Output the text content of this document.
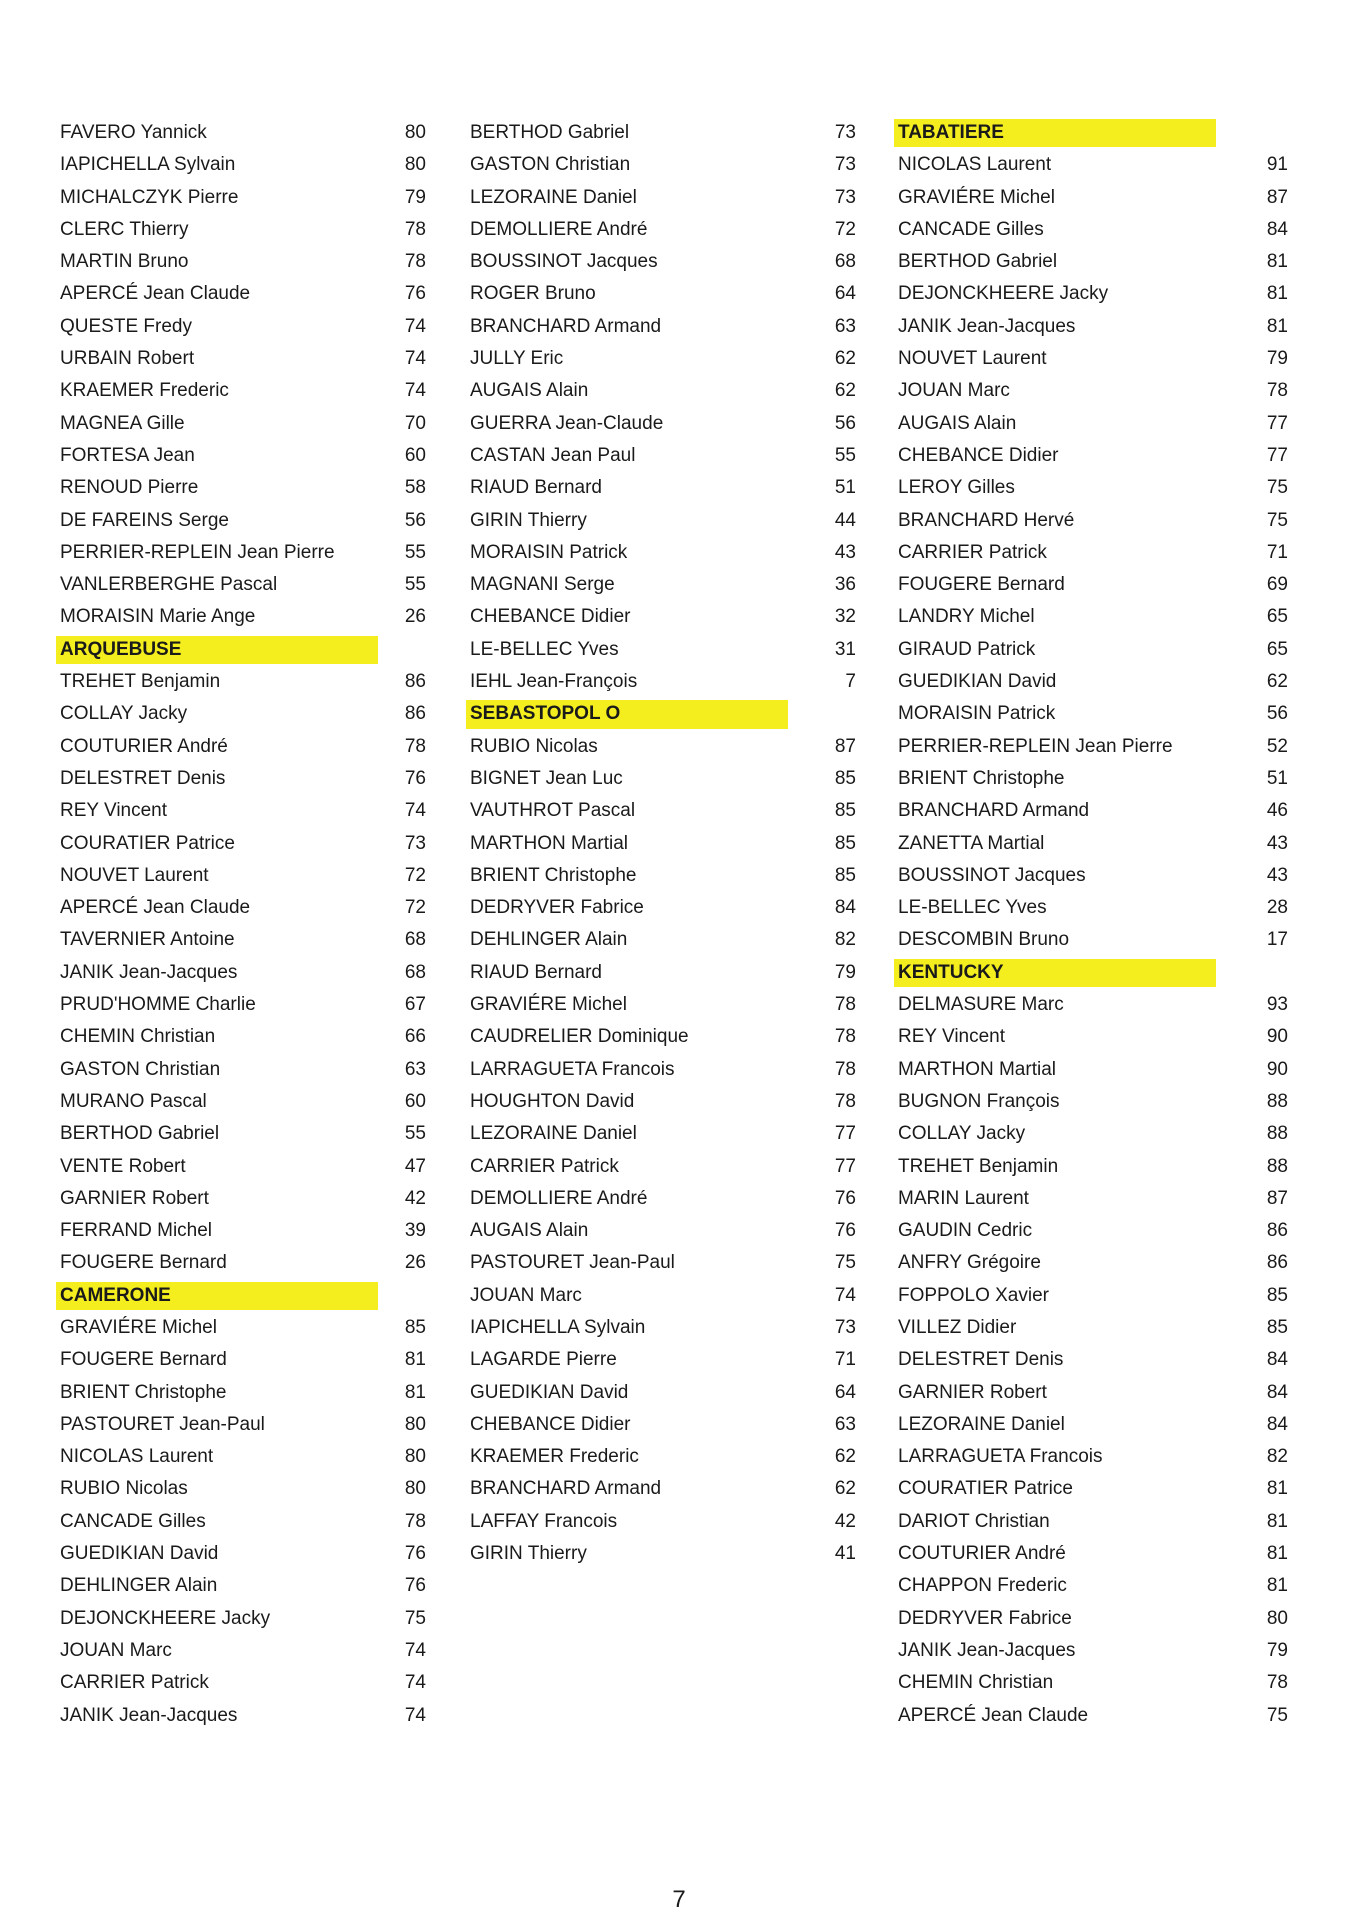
FAVERO Yannick	80
IAPICHELLA Sylvain	80
MICHALCZYK Pierre	79
CLERC Thierry	78
MARTIN Bruno	78
APERCÉ Jean Claude	76
QUESTE Fredy	74
URBAIN Robert	74
KRAEMER Frederic	74
MAGNEA Gille	70
FORTESA Jean	60
RENOUD Pierre	58
DE FAREINS Serge	56
PERRIER-REPLEIN Jean Pierre	55
VANLERBERGHE Pascal	55
MORAISIN Marie Ange	26
ARQUEBUSE
TREHET Benjamin	86
COLLAY Jacky	86
COUTURIER André	78
DELESTRET Denis	76
REY Vincent	74
COURATIER Patrice	73
NOUVET Laurent	72
APERCÉ Jean Claude	72
TAVERNIER Antoine	68
JANIK Jean-Jacques	68
PRUD'HOMME Charlie	67
CHEMIN Christian	66
GASTON Christian	63
MURANO Pascal	60
BERTHOD Gabriel	55
VENTE Robert	47
GARNIER Robert	42
FERRAND Michel	39
FOUGERE Bernard	26
CAMERONE
GRAVIÉRE Michel	85
FOUGERE Bernard	81
BRIENT Christophe	81
PASTOURET Jean-Paul	80
NICOLAS Laurent	80
RUBIO Nicolas	80
CANCADE Gilles	78
GUEDIKIAN David	76
DEHLINGER Alain	76
DEJONCKHEERE Jacky	75
JOUAN Marc	74
CARRIER Patrick	74
JANIK Jean-Jacques	74
BERTHOD Gabriel	73
GASTON Christian	73
LEZORAINE Daniel	73
DEMOLLIERE André	72
BOUSSINOT Jacques	68
ROGER Bruno	64
BRANCHARD Armand	63
JULLY Eric	62
AUGAIS Alain	62
GUERRA Jean-Claude	56
CASTAN Jean Paul	55
RIAUD Bernard	51
GIRIN Thierry	44
MORAISIN Patrick	43
MAGNANI Serge	36
CHEBANCE Didier	32
LE-BELLEC Yves	31
IEHL Jean-François	7
SEBASTOPOL O
RUBIO Nicolas	87
BIGNET Jean Luc	85
VAUTHROT Pascal	85
MARTHON Martial	85
BRIENT Christophe	85
DEDRYVER Fabrice	84
DEHLINGER Alain	82
RIAUD Bernard	79
GRAVIÉRE Michel	78
CAUDRELIER Dominique	78
LARRAGUETA Francois	78
HOUGHTON David	78
LEZORAINE Daniel	77
CARRIER Patrick	77
DEMOLLIERE André	76
AUGAIS Alain	76
PASTOURET Jean-Paul	75
JOUAN Marc	74
IAPICHELLA Sylvain	73
LAGARDE Pierre	71
GUEDIKIAN David	64
CHEBANCE Didier	63
KRAEMER Frederic	62
BRANCHARD Armand	62
LAFFAY Francois	42
GIRIN Thierry	41
TABATIERE
NICOLAS Laurent	91
GRAVIÉRE Michel	87
CANCADE Gilles	84
BERTHOD Gabriel	81
DEJONCKHEERE Jacky	81
JANIK Jean-Jacques	81
NOUVET Laurent	79
JOUAN Marc	78
AUGAIS Alain	77
CHEBANCE Didier	77
LEROY Gilles	75
BRANCHARD Hervé	75
CARRIER Patrick	71
FOUGERE Bernard	69
LANDRY Michel	65
GIRAUD Patrick	65
GUEDIKIAN David	62
MORAISIN Patrick	56
PERRIER-REPLEIN Jean Pierre	52
BRIENT Christophe	51
BRANCHARD Armand	46
ZANETTA Martial	43
BOUSSINOT Jacques	43
LE-BELLEC Yves	28
DESCOMBIN Bruno	17
KENTUCKY
DELMASURE Marc	93
REY Vincent	90
MARTHON Martial	90
BUGNON François	88
COLLAY Jacky	88
TREHET Benjamin	88
MARIN Laurent	87
GAUDIN Cedric	86
ANFRY Grégoire	86
FOPPOLO Xavier	85
VILLEZ Didier	85
DELESTRET Denis	84
GARNIER Robert	84
LEZORAINE Daniel	84
LARRAGUETA Francois	82
COURATIER Patrice	81
DARIOT Christian	81
COUTURIER André	81
CHAPPON Frederic	81
DEDRYVER Fabrice	80
JANIK Jean-Jacques	79
CHEMIN Christian	78
APERCÉ Jean Claude	75
7
